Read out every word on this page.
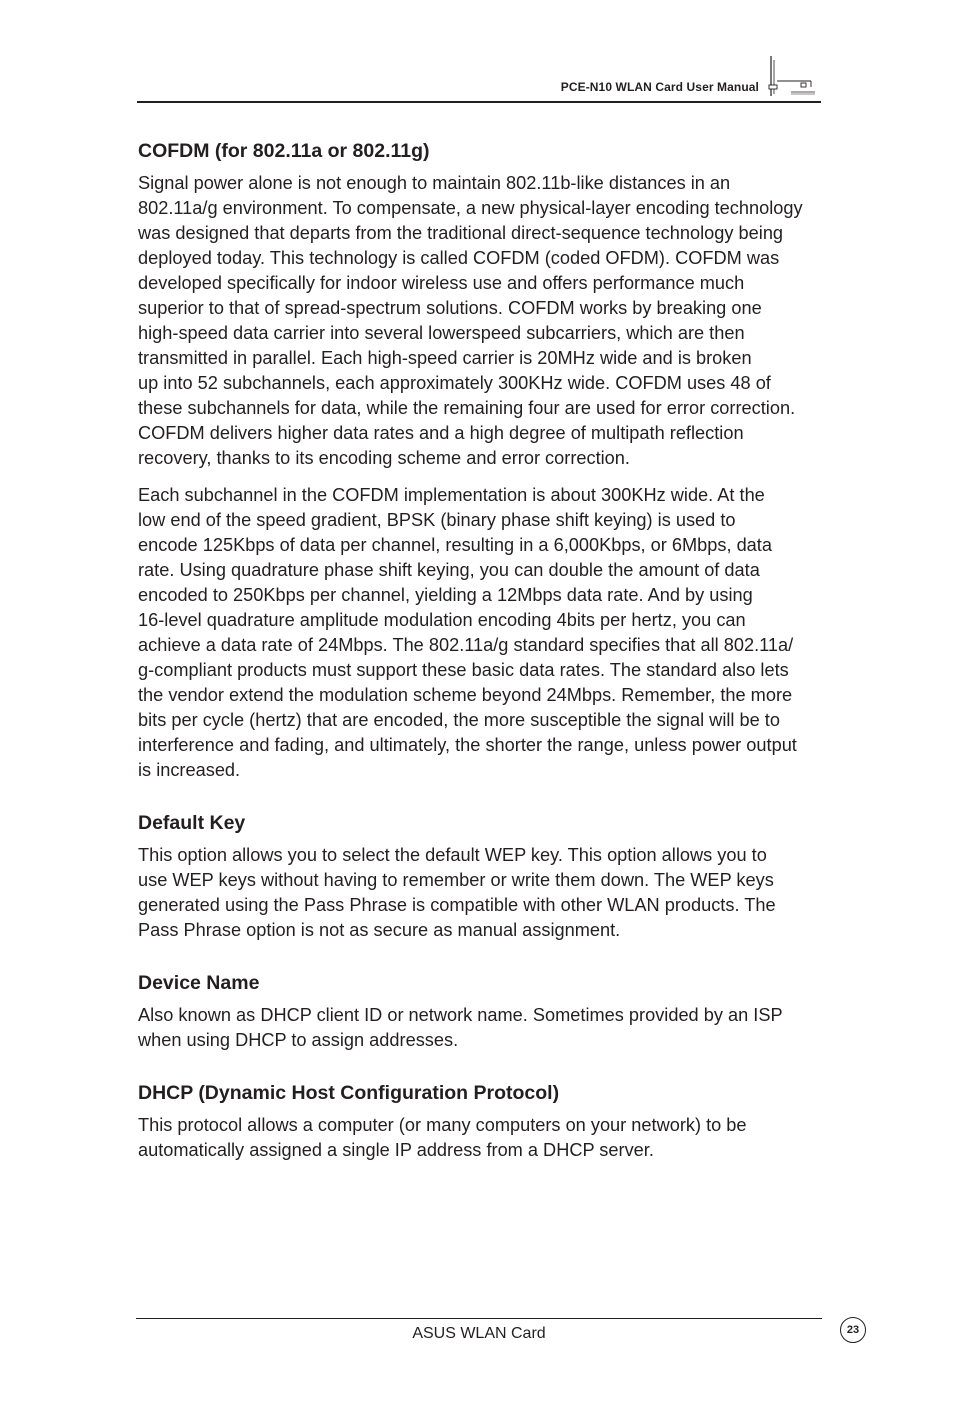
PCE-N10 WLAN Card User Manual
COFDM (for 802.11a or 802.11g)

Signal power alone is not enough to maintain 802.11b-like distances in an
802.11a/g environment. To compensate, a new physical-layer encoding technology
was designed that departs from the traditional direct-sequence technology being
deployed today. This technology is called COFDM (coded OFDM). COFDM was
developed specifically for indoor wireless use and offers performance much
superior to that of spread-spectrum solutions. COFDM works by breaking one
high-speed data carrier into several lowerspeed subcarriers, which are then
transmitted in parallel. Each high-speed carrier is 20MHz wide and is broken
up into 52 subchannels, each approximately 300KHz wide. COFDM uses 48 of
these subchannels for data, while the remaining four are used for error correction.
COFDM delivers higher data rates and a high degree of multipath reflection
recovery, thanks to its encoding scheme and error correction.

Each subchannel in the COFDM implementation is about 300KHz wide. At the
low end of the speed gradient, BPSK (binary phase shift keying) is used to
encode 125Kbps of data per channel, resulting in a 6,000Kbps, or 6Mbps, data
rate. Using quadrature phase shift keying, you can double the amount of data
encoded to 250Kbps per channel, yielding a 12Mbps data rate. And by using
16-level quadrature amplitude modulation encoding 4bits per hertz, you can
achieve a data rate of 24Mbps. The 802.11a/g standard specifies that all 802.11a/
g-compliant products must support these basic data rates. The standard also lets
the vendor extend the modulation scheme beyond 24Mbps. Remember, the more
bits per cycle (hertz) that are encoded, the more susceptible the signal will be to
interference and fading, and ultimately, the shorter the range, unless power output
is increased.

Default Key

This option allows you to select the default WEP key. This option allows you to
use WEP keys without having to remember or write them down. The WEP keys
generated using the Pass Phrase is compatible with other WLAN products. The
Pass Phrase option is not as secure as manual assignment.

Device Name

Also known as DHCP client ID or network name. Sometimes provided by an ISP
when using DHCP to assign addresses.

DHCP (Dynamic Host Configuration Protocol)

This protocol allows a computer (or many computers on your network) to be
automatically assigned a single IP address from a DHCP server.

ASUS WLAN Card	23
